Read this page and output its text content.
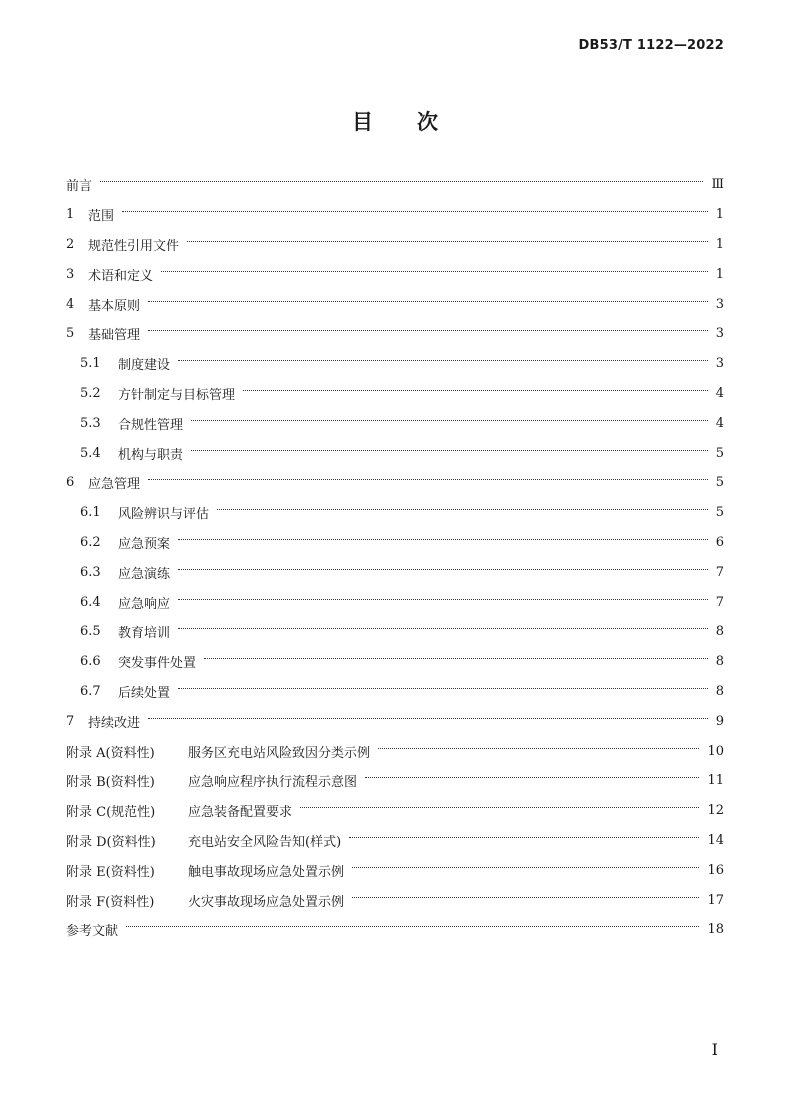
DB53/T 1122—2022
目 次
前言	Ⅲ
1	范围	1
2	规范性引用文件	1
3	术语和定义	1
4	基本原则	3
5	基础管理	3
5.1	制度建设	3
5.2	方针制定与目标管理	4
5.3	合规性管理	4
5.4	机构与职责	5
6	应急管理	5
6.1	风险辨识与评估	5
6.2	应急预案	6
6.3	应急演练	7
6.4	应急响应	7
6.5	教育培训	8
6.6	突发事件处置	8
6.7	后续处置	8
7	持续改进	9
附录 A(资料性)	服务区充电站风险致因分类示例	10
附录 B(资料性)	应急响应程序执行流程示意图	11
附录 C(规范性)	应急装备配置要求	12
附录 D(资料性)	充电站安全风险告知(样式)	14
附录 E(资料性)	触电事故现场应急处置示例	16
附录 F(资料性)	火灾事故现场应急处置示例	17
参考文献	18
I
